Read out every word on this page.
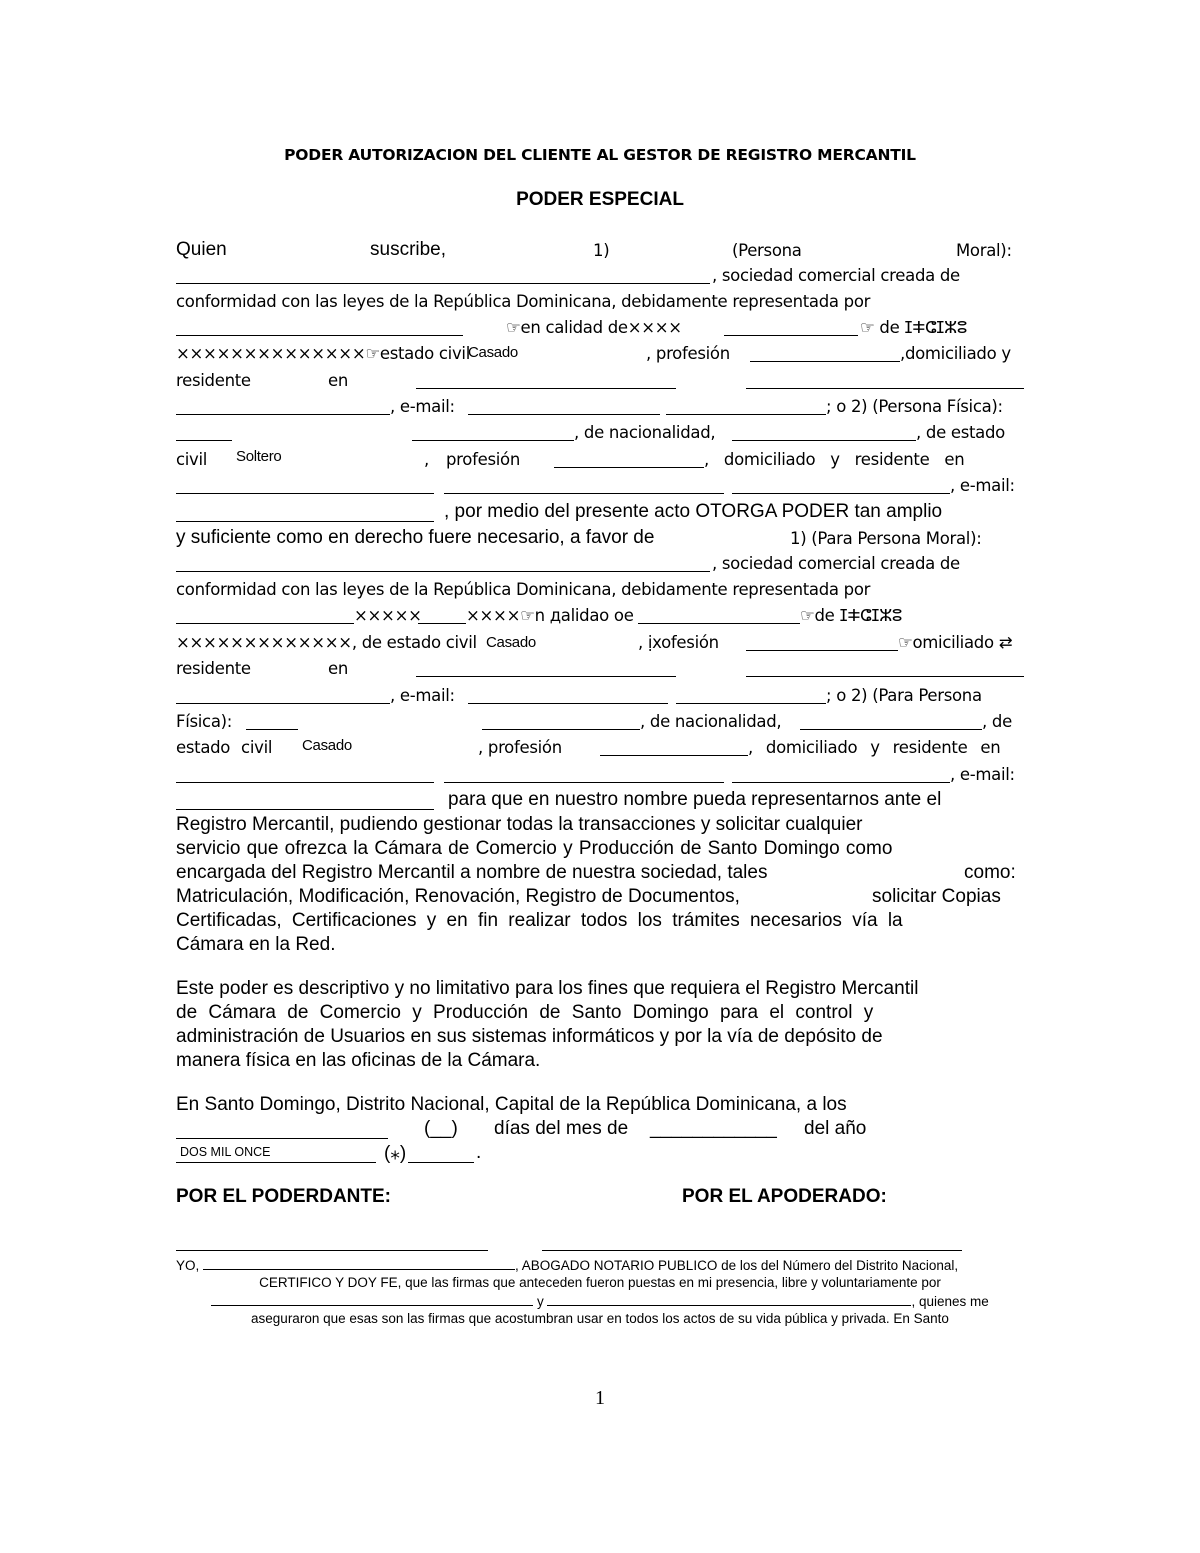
PODER AUTORIZACION DEL CLIENTE AL GESTOR DE REGISTRO MERCANTIL
PODER ESPECIAL
Quien	suscribe,	1)	(Persona	Moral):
, sociedad comercial creada de
conformidad con las leyes de la República Dominicana, debidamente representada por
☞en calidad de××××	☞ de ⵊⵐⵛⵊⵣⵓ
××××××××××××××☞estado civil
Casado	, profesión	,domiciliado y
residente	en
, e-mail:	; o 2) (Persona Física):
, de nacionalidad,	, de estado
civil Soltero	, profesión	, domiciliado y residente en
, e-mail:
, por medio del presente acto OTORGA PODER tan amplio
y suficiente como en derecho fuere necesario, a favor de	1) (Para Persona Moral):
, sociedad comercial creada de
conformidad con las leyes de la República Dominicana, debidamente representada por
×××××	××××☞n дalidao oe	☞de ⵊⵐⵛⵊⵣⵓ
×××××××××××××, de estado civil Casado	, ịxofesión	☞omiciliado ⇄
residente	en
, e-mail:	; o 2) (Para Persona
Física):	, de nacionalidad,	, de
estado civil Casado	, profesión	, domiciliado y residente en
, e-mail:
para que en nuestro nombre pueda representarnos ante el
Registro Mercantil, pudiendo gestionar todas la transacciones y solicitar cualquier
servicio que ofrezca la Cámara de Comercio y Producción de Santo Domingo como
encargada del Registro Mercantil a nombre de nuestra sociedad, tales	como:
Matriculación, Modificación, Renovación, Registro de Documentos,	solicitar Copias
Certificadas, Certificaciones y en fin realizar todos los trámites necesarios vía la
Cámara en la Red.
Este poder es descriptivo y no limitativo para los fines que requiera el Registro Mercantil
de Cámara de Comercio y Producción de Santo Domingo para el control y
administración de Usuarios en sus sistemas informáticos y por la vía de depósito de
manera física en las oficinas de la Cámara.
En Santo Domingo, Distrito Nacional, Capital de la República Dominicana, a los
(__) días del mes de ____________ del año
DOS MIL ONCE	(⁎)	.
POR EL PODERDANTE:	POR EL APODERADO:
YO,	, ABOGADO NOTARIO PUBLICO de los del Número del Distrito Nacional,
CERTIFICO Y DOY FE, que las firmas que anteceden fueron puestas en mi presencia, libre y voluntariamente por
y	, quienes me
aseguraron que esas son las firmas que acostumbran usar en todos los actos de su vida pública y privada. En Santo
1
